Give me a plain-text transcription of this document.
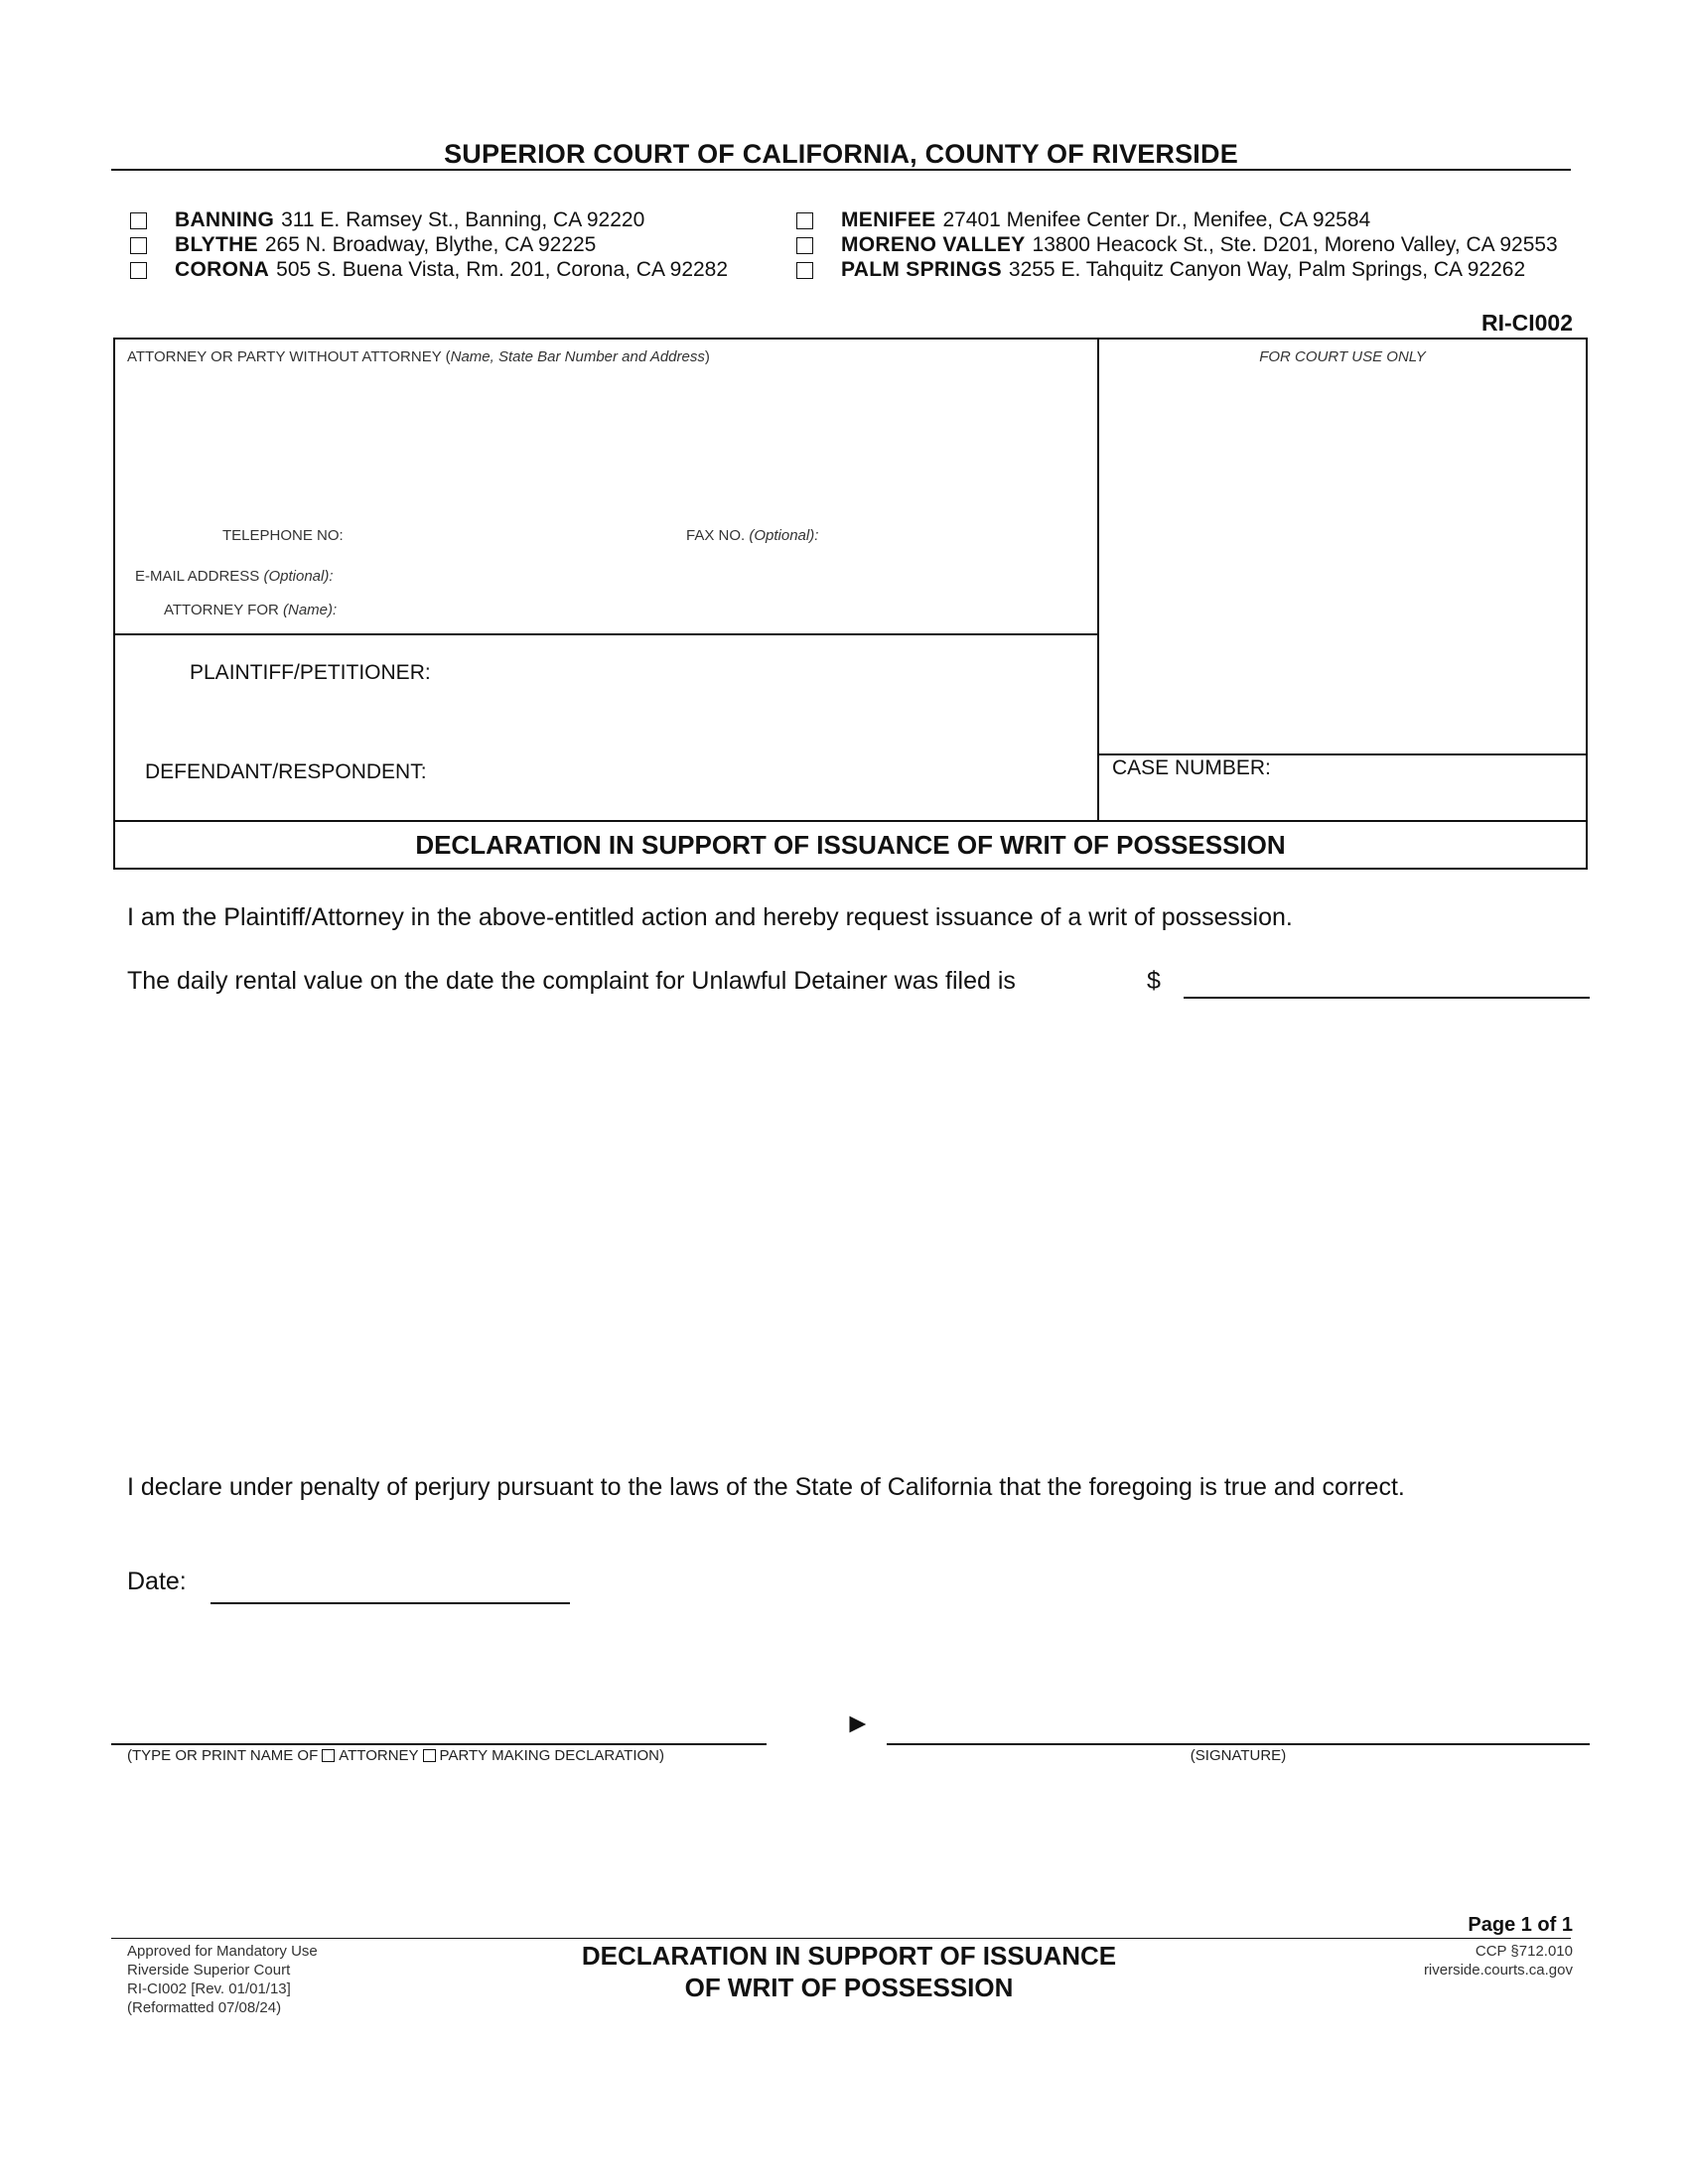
SUPERIOR COURT OF CALIFORNIA, COUNTY OF RIVERSIDE
BANNING 311 E. Ramsey St., Banning, CA 92220
BLYTHE 265 N. Broadway, Blythe, CA 92225
CORONA 505 S. Buena Vista, Rm. 201, Corona, CA 92282
MENIFEE 27401 Menifee Center Dr., Menifee, CA 92584
MORENO VALLEY 13800 Heacock St., Ste. D201, Moreno Valley, CA 92553
PALM SPRINGS 3255 E. Tahquitz Canyon Way, Palm Springs, CA 92262
RI-CI002
ATTORNEY OR PARTY WITHOUT ATTORNEY (Name, State Bar Number and Address)	FOR COURT USE ONLY
TELEPHONE NO:	FAX NO. (Optional):
E-MAIL ADDRESS (Optional):
ATTORNEY FOR (Name):
PLAINTIFF/PETITIONER:
DEFENDANT/RESPONDENT:	CASE NUMBER:
DECLARATION IN SUPPORT OF ISSUANCE OF WRIT OF POSSESSION
I am the Plaintiff/Attorney in the above-entitled action and hereby request issuance of a writ of possession.
The daily rental value on the date the complaint for Unlawful Detainer was filed is	$
I declare under penalty of perjury pursuant to the laws of the State of California that the foregoing is true and correct.
Date:
(TYPE OR PRINT NAME OF ATTORNEY PARTY MAKING DECLARATION)
►
(SIGNATURE)
Page 1 of 1
Approved for Mandatory Use
Riverside Superior Court
RI-CI002 [Rev. 01/01/13]
(Reformatted 07/08/24)
DECLARATION IN SUPPORT OF ISSUANCE
OF WRIT OF POSSESSION
CCP §712.010
riverside.courts.ca.gov
